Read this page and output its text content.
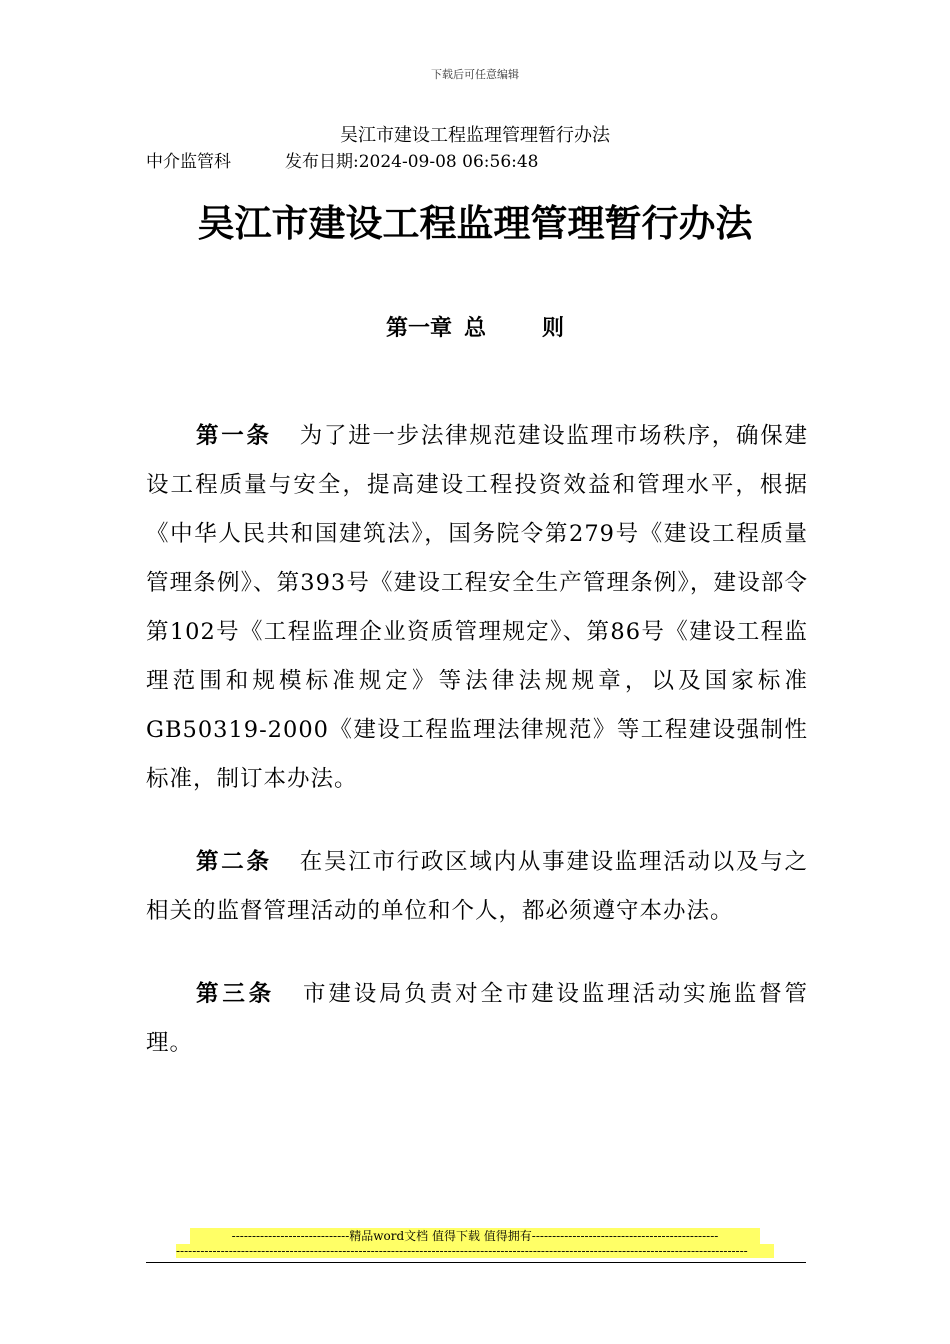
下载后可任意编辑
吴江市建设工程监理管理暂行办法
中介监管科	发布日期:2024-09-08 06:56:48
吴江市建设工程监理管理暂行办法
第一章 总	则

第一条 为了进一步法律规范建设监理市场秩序，确保建设工程质量与安全，提高建设工程投资效益和管理水平，根据《中华人民共和国建筑法》，国务院令第279号《建设工程质量管理条例》、第393号《建设工程安全生产管理条例》，建设部令第102号《工程监理企业资质管理规定》、第86号《建设工程监理范围和规模标准规定》等法律法规规章，以及国家标准GB50319-2000《建设工程监理法律规范》等工程建设强制性标准，制订本办法。

第二条 在吴江市行政区域内从事建设监理活动以及与之相关的监督管理活动的单位和个人，都必须遵守本办法。

第三条 市建设局负责对全市建设监理活动实施监督管理。

-----------------------------精品word文档 值得下载 值得拥有----------------------------------------------
---------------------------------------------------------------------------------------------------------------------------------------------
